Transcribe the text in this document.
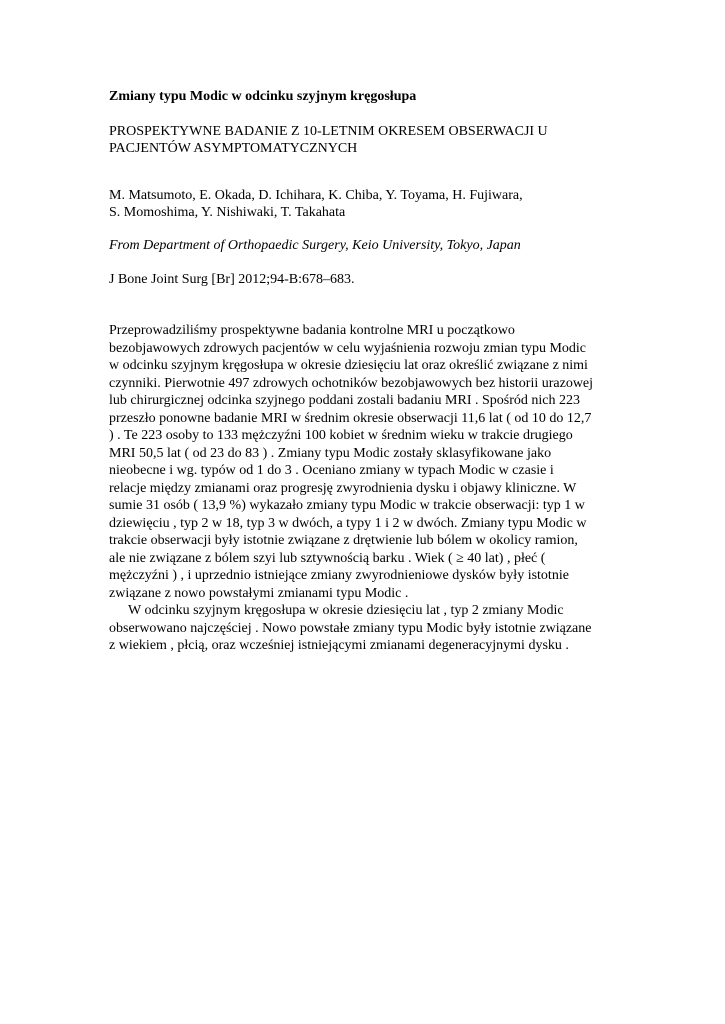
Zmiany typu Modic w odcinku szyjnym kręgosłupa
PROSPEKTYWNE BADANIE Z 10-LETNIM OKRESEM OBSERWACJI U
PACJENTÓW ASYMPTOMATYCZNYCH
M. Matsumoto, E. Okada, D. Ichihara, K. Chiba, Y. Toyama, H. Fujiwara,
S. Momoshima, Y. Nishiwaki, T. Takahata
From Department of Orthopaedic Surgery, Keio University, Tokyo, Japan
J Bone Joint Surg [Br] 2012;94-B:678–683.
Przeprowadziliśmy prospektywne badania kontrolne MRI u początkowo
bezobjawowych zdrowych pacjentów w celu wyjaśnienia rozwoju zmian typu Modic
w odcinku szyjnym kręgosłupa w okresie dziesięciu lat oraz określić związane z nimi
czynniki. Pierwotnie 497 zdrowych ochotników bezobjawowych bez historii urazowej
lub chirurgicznej odcinka szyjnego poddani zostali badaniu MRI . Spośród nich 223
przeszło ponowne badanie MRI w średnim okresie obserwacji 11,6 lat ( od 10 do 12,7
) . Te 223 osoby to 133 mężczyźni 100 kobiet w średnim wieku w trakcie drugiego
MRI 50,5 lat ( od 23 do 83 ) . Zmiany typu Modic zostały sklasyfikowane jako
nieobecne i wg. typów od 1 do 3 . Oceniano zmiany w typach Modic w czasie i
relacje między zmianami oraz progresję zwyrodnienia dysku i objawy kliniczne. W
sumie 31 osób ( 13,9 %) wykazało zmiany typu Modic w trakcie obserwacji: typ 1 w
dziewięciu , typ 2 w 18, typ 3 w dwóch, a typy 1 i 2 w dwóch. Zmiany typu Modic w
trakcie obserwacji były istotnie związane z drętwienie lub bólem w okolicy ramion,
ale nie związane z bólem szyi lub sztywnością barku . Wiek ( ≥ 40 lat) , płeć (
mężczyźni ) , i uprzednio istniejące zmiany zwyrodnieniowe dysków były istotnie
związane z nowo powstałymi zmianami typu Modic .
W odcinku szyjnym kręgosłupa w okresie dziesięciu lat , typ 2 zmiany Modic
obserwowano najczęściej . Nowo powstałe zmiany typu Modic były istotnie związane
z wiekiem , płcią, oraz wcześniej istniejącymi zmianami degeneracyjnymi dysku .
